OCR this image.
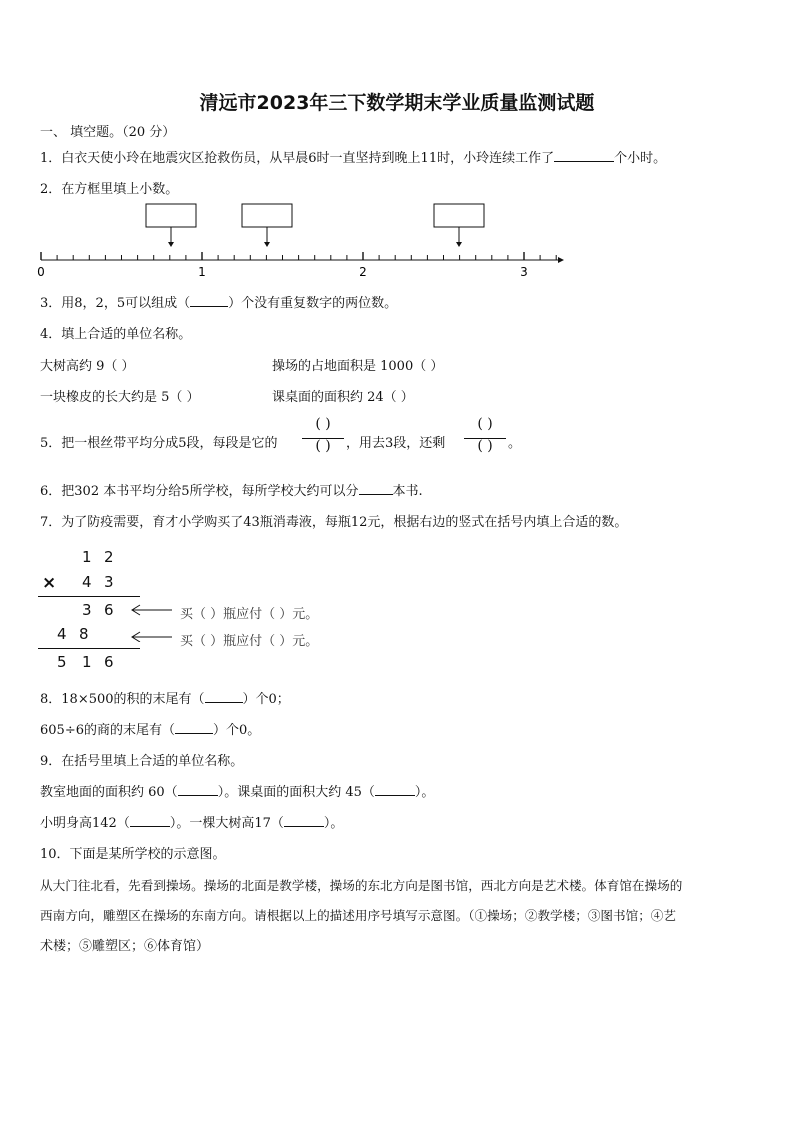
清远市2023年三下数学期末学业质量监测试题
一、 填空题。（20 分）
1．白衣天使小玲在地震灾区抢救伤员，从早晨6时一直坚持到晚上11时，小玲连续工作了	个小时。
2．在方框里填上小数。
0	1	2	3
3．用8，2，5可以组成（	）个没有重复数字的两位数。
4．填上合适的单位名称。
大树高约 9（ ）	操场的占地面积是 1000（ ）
一块橡皮的长大约是 5（ ）	课桌面的面积约 24（ ）
5．把一根丝带平均分成5段，每段是它的
( )
( )	，用去3段，还剩
( )
( )	。
6．把302 本书平均分给5所学校，每所学校大约可以分	本书.
7．为了防疫需要，育才小学购买了43瓶消毒液，每瓶12元，根据右边的竖式在括号内填上合适的数。
1 2
× 4 3
3 6
4 8
5 1 6
买（ ）瓶应付（ ）元。
买（ ）瓶应付（ ）元。
8．18×500的积的末尾有（	）个0；
605÷6的商的末尾有（	）个0。
9．在括号里填上合适的单位名称。
教室地面的面积约 60（	）。课桌面的面积大约 45（	）。
小明身高142（	）。一棵大树高17（	）。
10．下面是某所学校的示意图。
从大门往北看，先看到操场。操场的北面是教学楼，操场的东北方向是图书馆，西北方向是艺术楼。体育馆在操场的
西南方向，雕塑区在操场的东南方向。请根据以上的描述用序号填写示意图。（①操场；②教学楼；③图书馆；④艺
术楼；⑤雕塑区；⑥体育馆）
